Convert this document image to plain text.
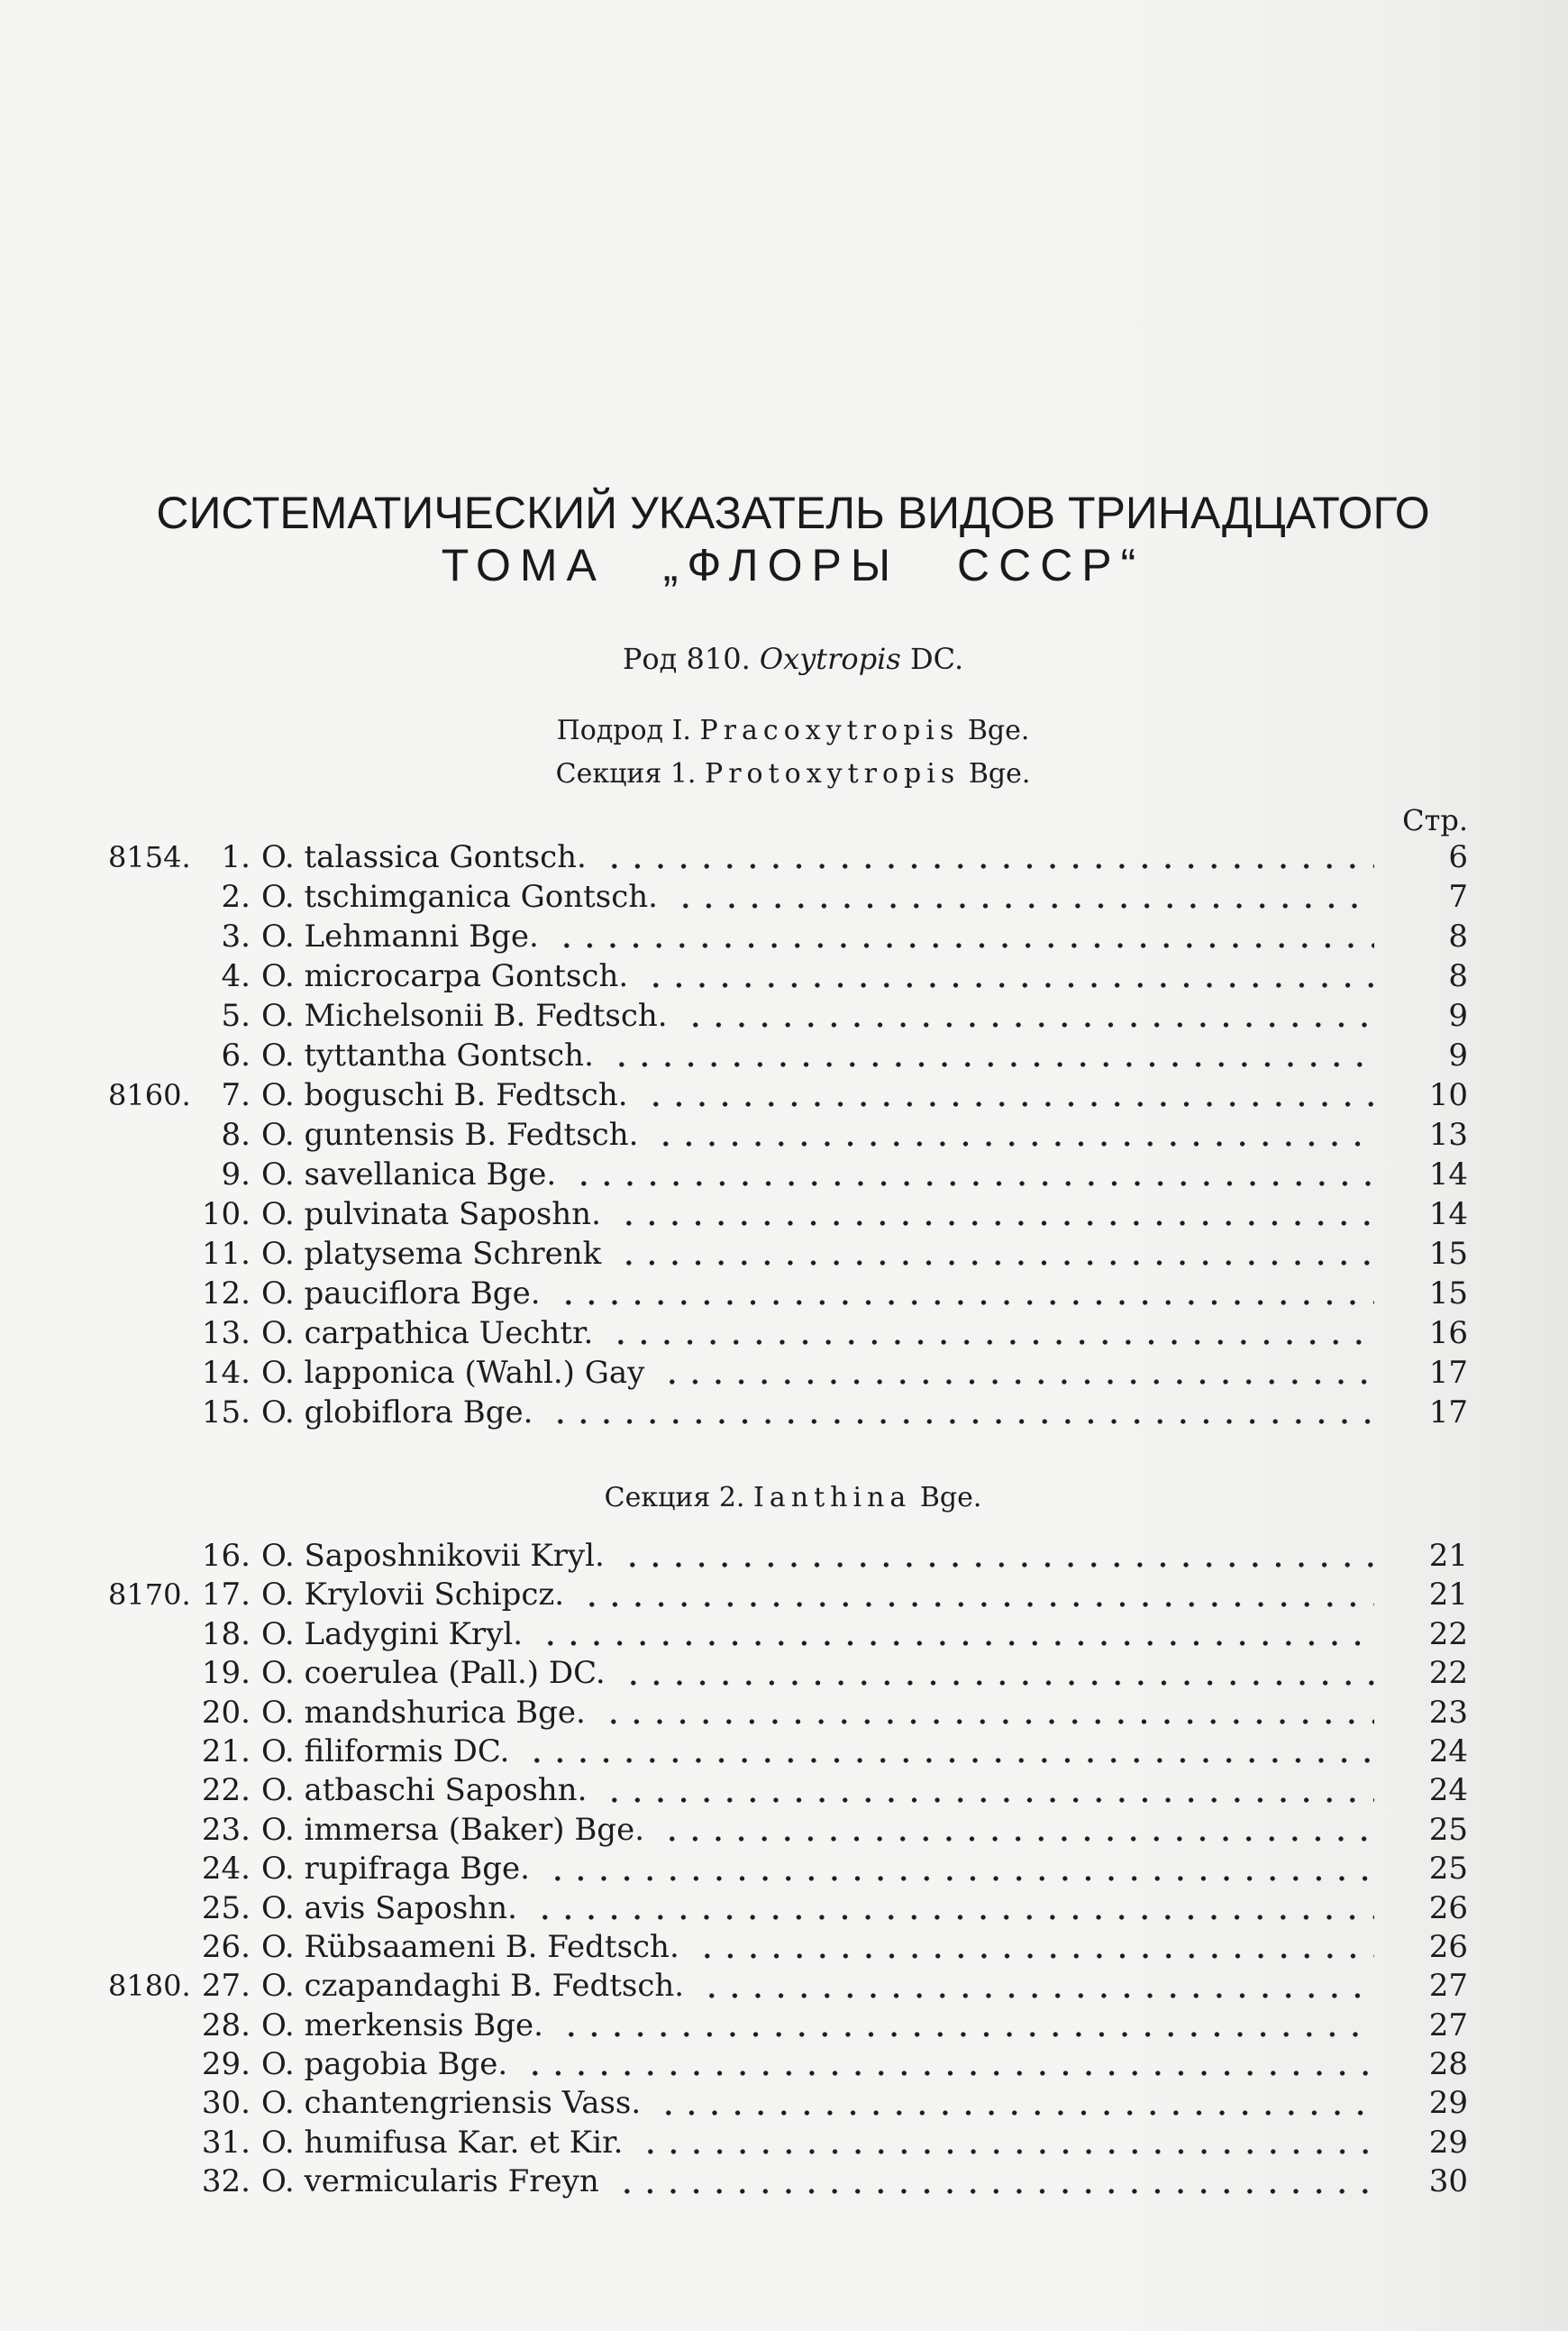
СИСТЕМАТИЧЕСКИЙ УКАЗАТЕЛЬ ВИДОВ ТРИНАДЦАТОГО
ТОМА „ФЛОРЫ СССР“
Род 810. Oxytropis DC.
Подрод I. Pracoxytropis Bge.
Секция 1. Protoxytropis Bge.
Стр.
8154. 1. O. talassica Gontsch.	6
2. O. tschimganica Gontsch.	7
3. O. Lehmanni Bge.	8
4. O. microcarpa Gontsch.	8
5. O. Michelsonii B. Fedtsch.	9
6. O. tyttantha Gontsch.	9
8160. 7. O. boguschi B. Fedtsch.	10
8. O. guntensis B. Fedtsch.	13
9. O. savellanica Bge.	14
10. O. pulvinata Saposhn.	14
11. O. platysema Schrenk	15
12. O. pauciflora Bge.	15
13. O. carpathica Uechtr.	16
14. O. lapponica (Wahl.) Gay	17
15. O. globiflora Bge.	17
Секция 2. Ianthina Bge.
16. O. Saposhnikovii Kryl.	21
8170. 17. O. Krylovii Schipcz.	21
18. O. Ladygini Kryl.	22
19. O. coerulea (Pall.) DC.	22
20. O. mandshurica Bge.	23
21. O. filiformis DC.	24
22. O. atbaschi Saposhn.	24
23. O. immersa (Baker) Bge.	25
24. O. rupifraga Bge.	25
25. O. avis Saposhn.	26
26. O. Rübsaameni B. Fedtsch.	26
8180. 27. O. czapandaghi B. Fedtsch.	27
28. O. merkensis Bge.	27
29. O. pagobia Bge.	28
30. O. chantengriensis Vass.	29
31. O. humifusa Kar. et Kir.	29
32. O. vermicularis Freyn	30
